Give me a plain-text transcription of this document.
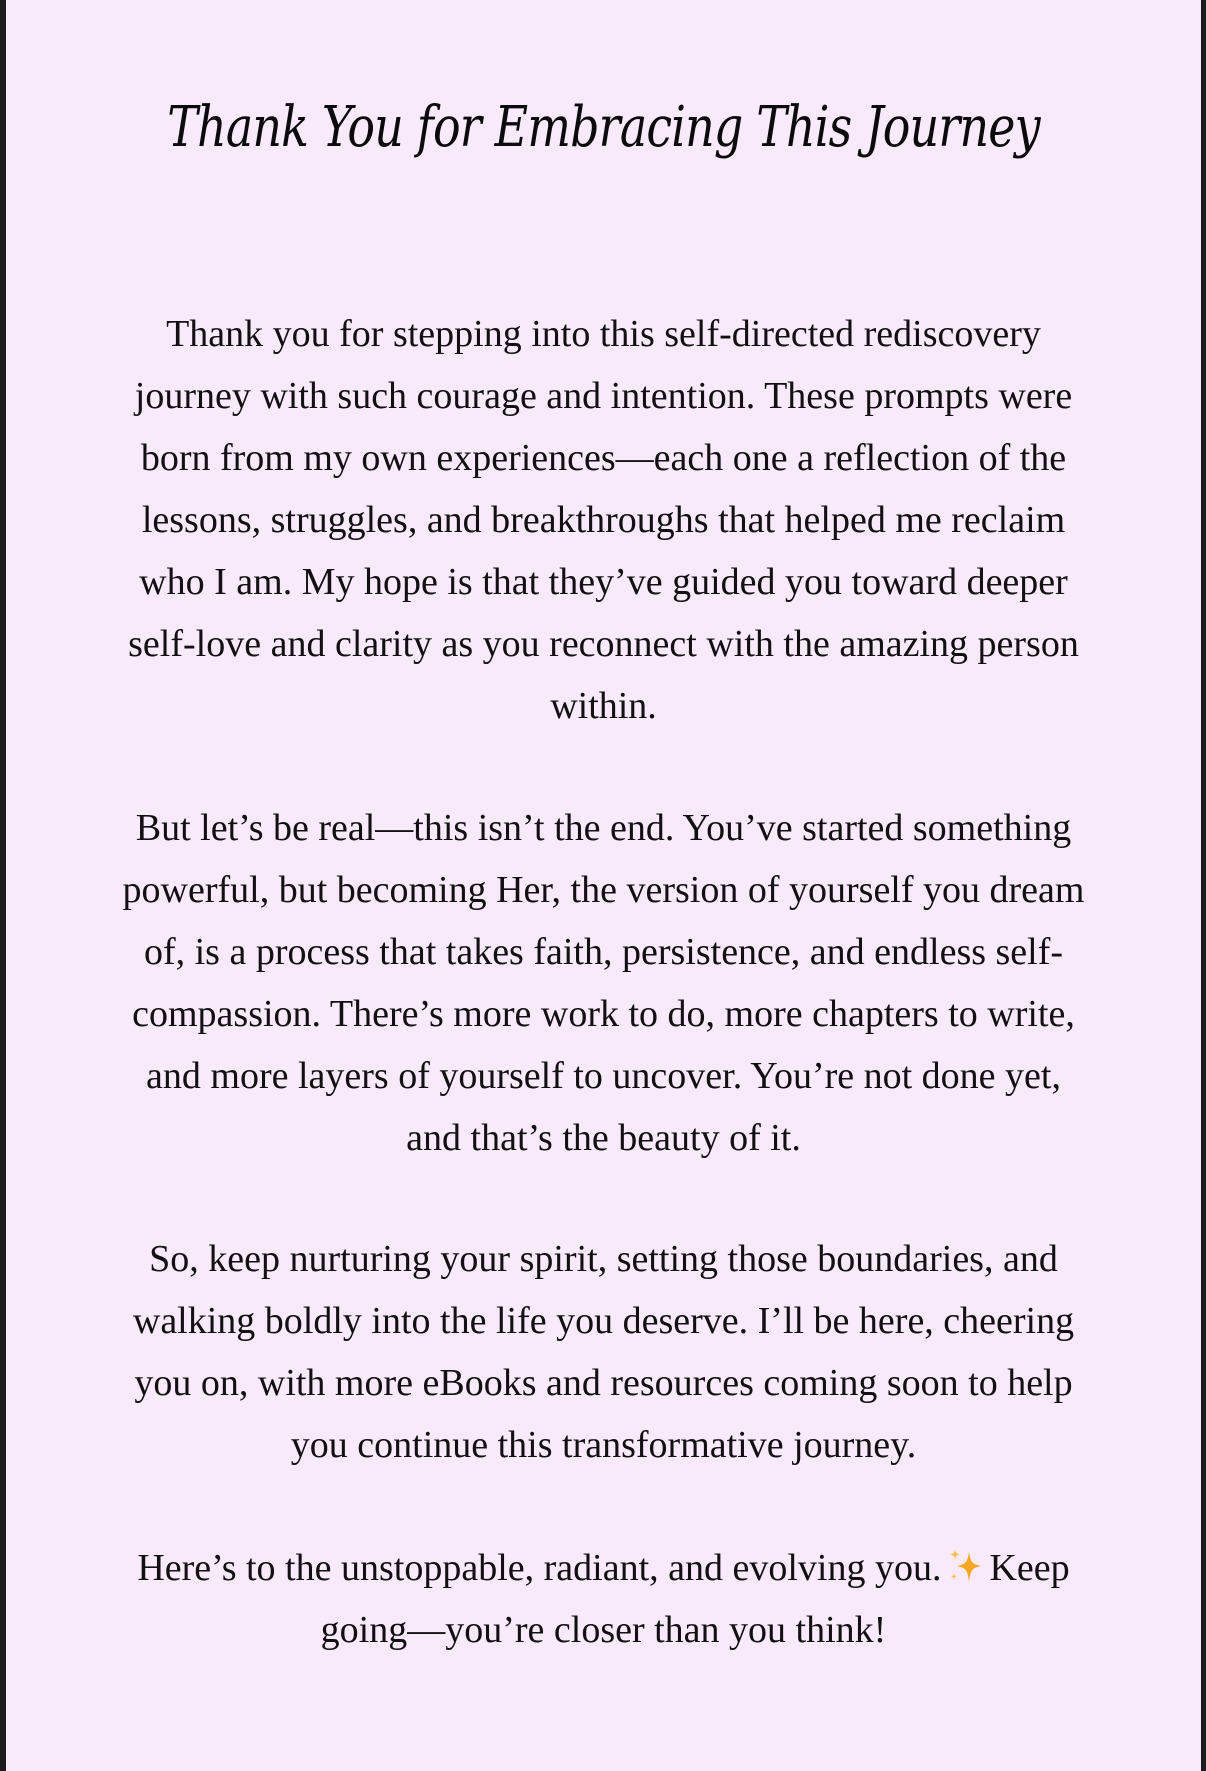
Thank You for Embracing This Journey
Thank you for stepping into this self-directed rediscovery
journey with such courage and intention. These prompts were
born from my own experiences—each one a reflection of the
lessons, struggles, and breakthroughs that helped me reclaim
who I am. My hope is that they’ve guided you toward deeper
self-love and clarity as you reconnect with the amazing person
within.
But let’s be real—this isn’t the end. You’ve started something
powerful, but becoming Her, the version of yourself you dream
of, is a process that takes faith, persistence, and endless self-
compassion. There’s more work to do, more chapters to write,
and more layers of yourself to uncover. You’re not done yet,
and that’s the beauty of it.
So, keep nurturing your spirit, setting those boundaries, and
walking boldly into the life you deserve. I’ll be here, cheering
you on, with more eBooks and resources coming soon to help
you continue this transformative journey.
Here’s to the unstoppable, radiant, and evolving you. Keep
going—you’re closer than you think!
